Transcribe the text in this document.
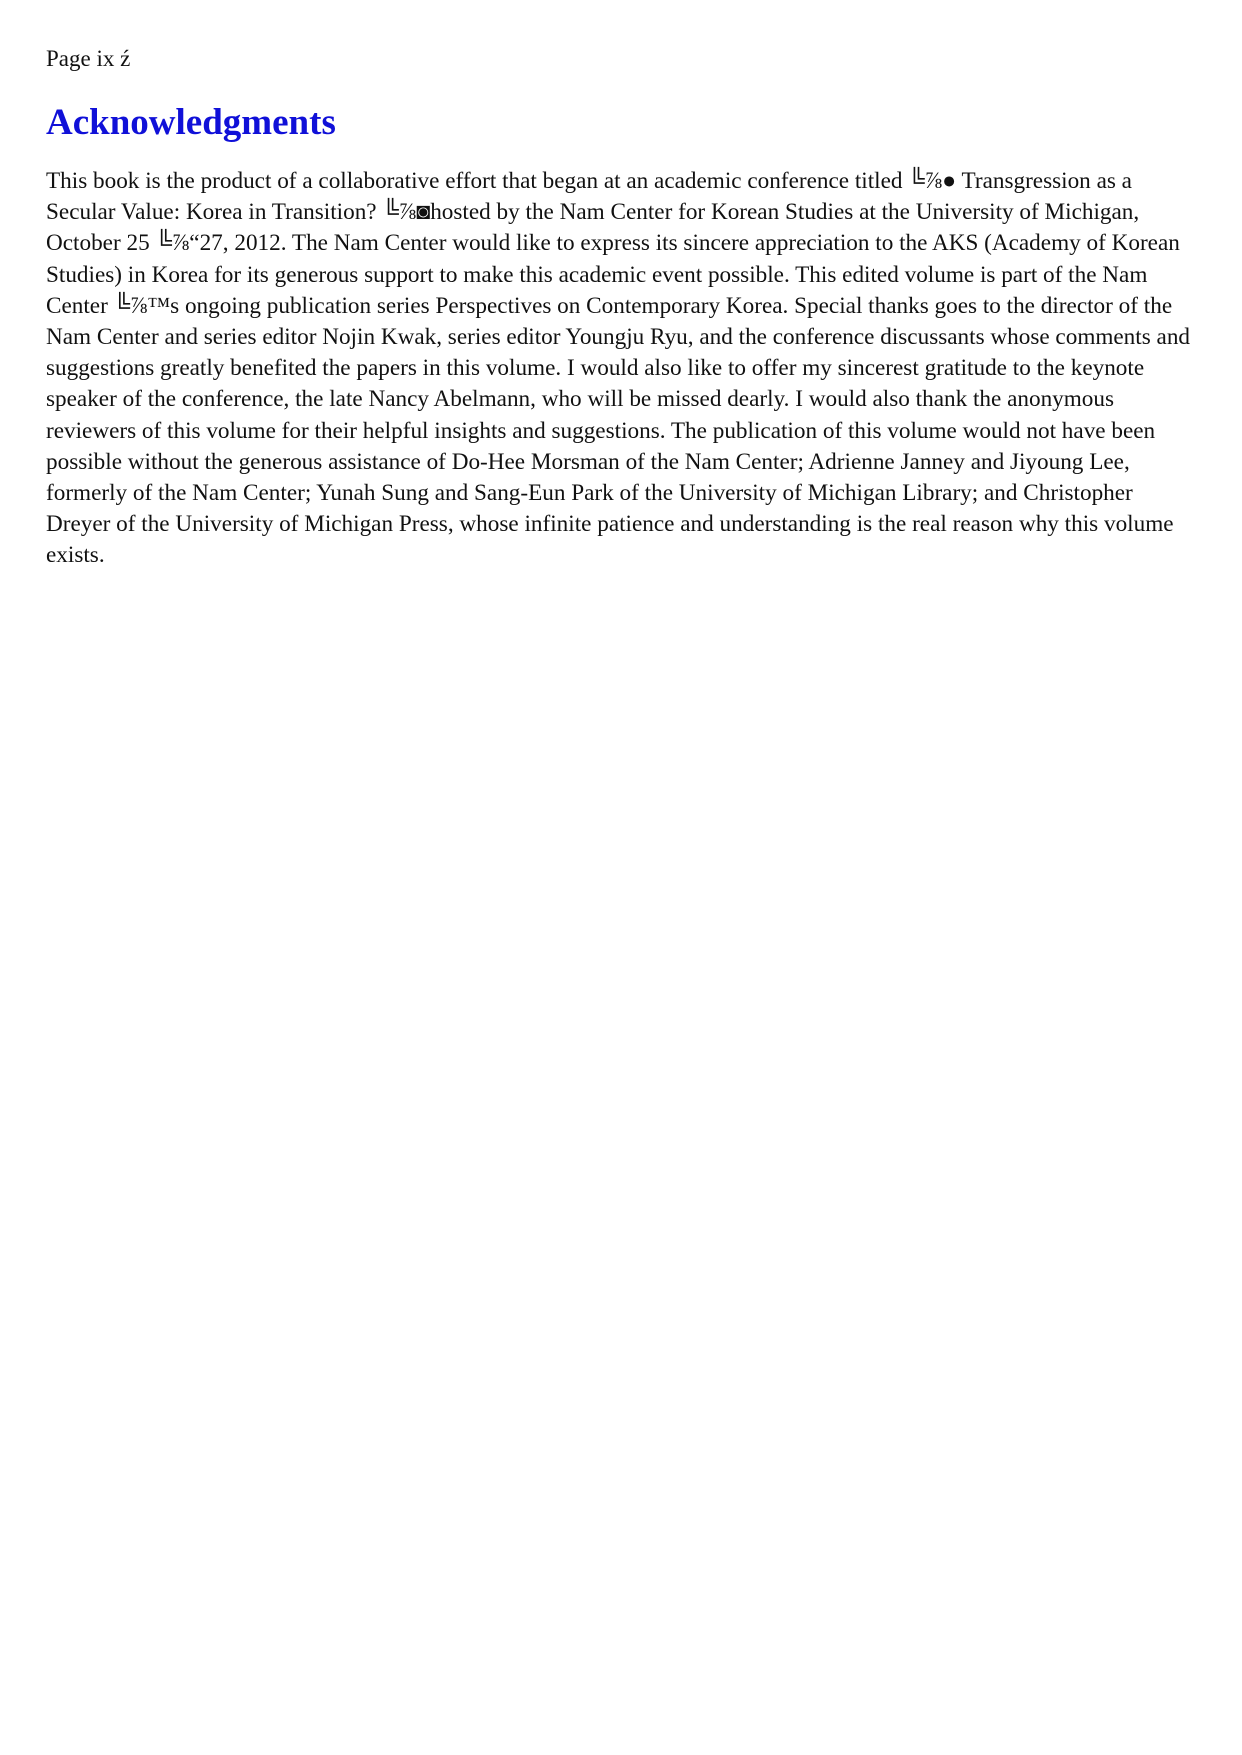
Page ix ź

Acknowledgments

This book is the product of a collaborative effort that began at an academic conference titled ╚⅞● Transgression as a Secular Value: Korea in Transition? ╚⅞◙hosted by the Nam Center for Korean Studies at the University of Michigan, October 25 ╚⅞“27, 2012. The Nam Center would like to express its sincere appreciation to the AKS (Academy of Korean Studies) in Korea for its generous support to make this academic event possible. This edited volume is part of the Nam Center ╚⅞™s ongoing publication series Perspectives on Contemporary Korea. Special thanks goes to the director of the Nam Center and series editor Nojin Kwak, series editor Youngju Ryu, and the conference discussants whose comments and suggestions greatly benefited the papers in this volume. I would also like to offer my sincerest gratitude to the keynote speaker of the conference, the late Nancy Abelmann, who will be missed dearly. I would also thank the anonymous reviewers of this volume for their helpful insights and suggestions. The publication of this volume would not have been possible without the generous assistance of Do-Hee Morsman of the Nam Center; Adrienne Janney and Jiyoung Lee, formerly of the Nam Center; Yunah Sung and Sang-Eun Park of the University of Michigan Library; and Christopher Dreyer of the University of Michigan Press, whose infinite patience and understanding is the real reason why this volume exists.
